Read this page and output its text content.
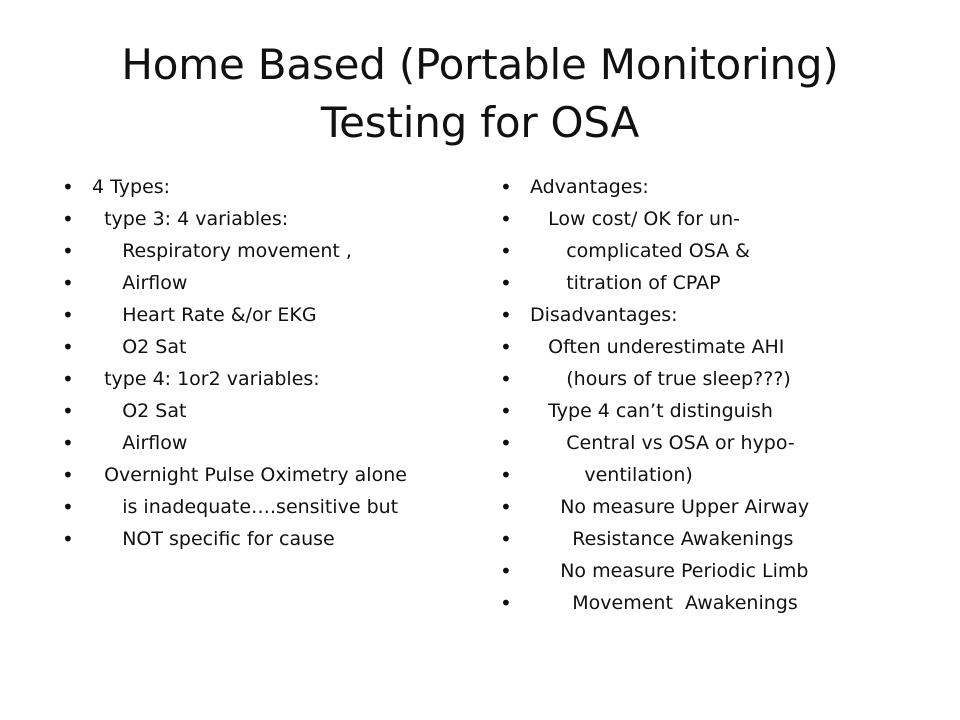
Home Based (Portable Monitoring)
Testing for OSA
• 4 Types:
•   type 3: 4 variables:
•      Respiratory movement ,
•      Airflow
•      Heart Rate &/or EKG
•      O2 Sat
•   type 4: 1or2 variables:
•      O2 Sat
•      Airflow
•   Overnight Pulse Oximetry alone
•      is inadequate….sensitive but
•      NOT specific for cause
• Advantages:
•    Low cost/ OK for un-
•       complicated OSA &
•       titration of CPAP
• Disadvantages:
•    Often underestimate AHI
•       (hours of true sleep???)
•    Type 4 can’t distinguish
•       Central vs OSA or hypo-
•          ventilation)
•      No measure Upper Airway
•        Resistance Awakenings
•      No measure Periodic Limb
•        Movement  Awakenings
